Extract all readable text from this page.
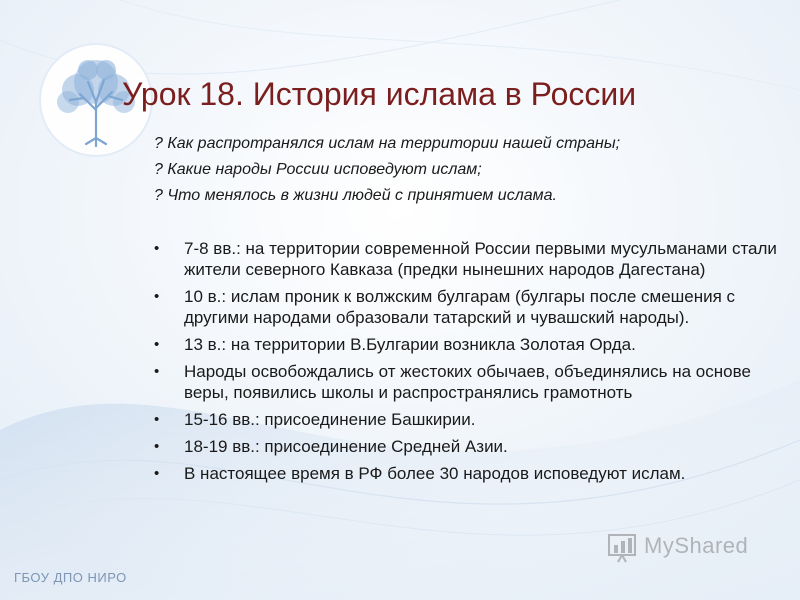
Урок 18. История ислама в России
? Как распротранялся ислам на территории нашей страны;
? Какие народы России исповедуют ислам;
? Что менялось в жизни людей с принятием ислама.
• 7-8 вв.: на территории современной России первыми мусульманами стали жители северного Кавказа (предки нынешних народов Дагестана)
• 10 в.: ислам проник к волжским булгарам (булгары после смешения с другими народами образовали татарский и чувашский народы).
• 13 в.: на территории В.Булгарии возникла Золотая Орда.
• Народы освобождались от жестоких обычаев, объединялись на основе веры, появились школы и распространялись грамотноть
• 15-16 вв.: присоединение Башкирии.
• 18-19 вв.: присоединение Средней Азии.
• В настоящее время в РФ более 30 народов исповедуют ислам.
ГБОУ ДПО НИРО
MyShared
